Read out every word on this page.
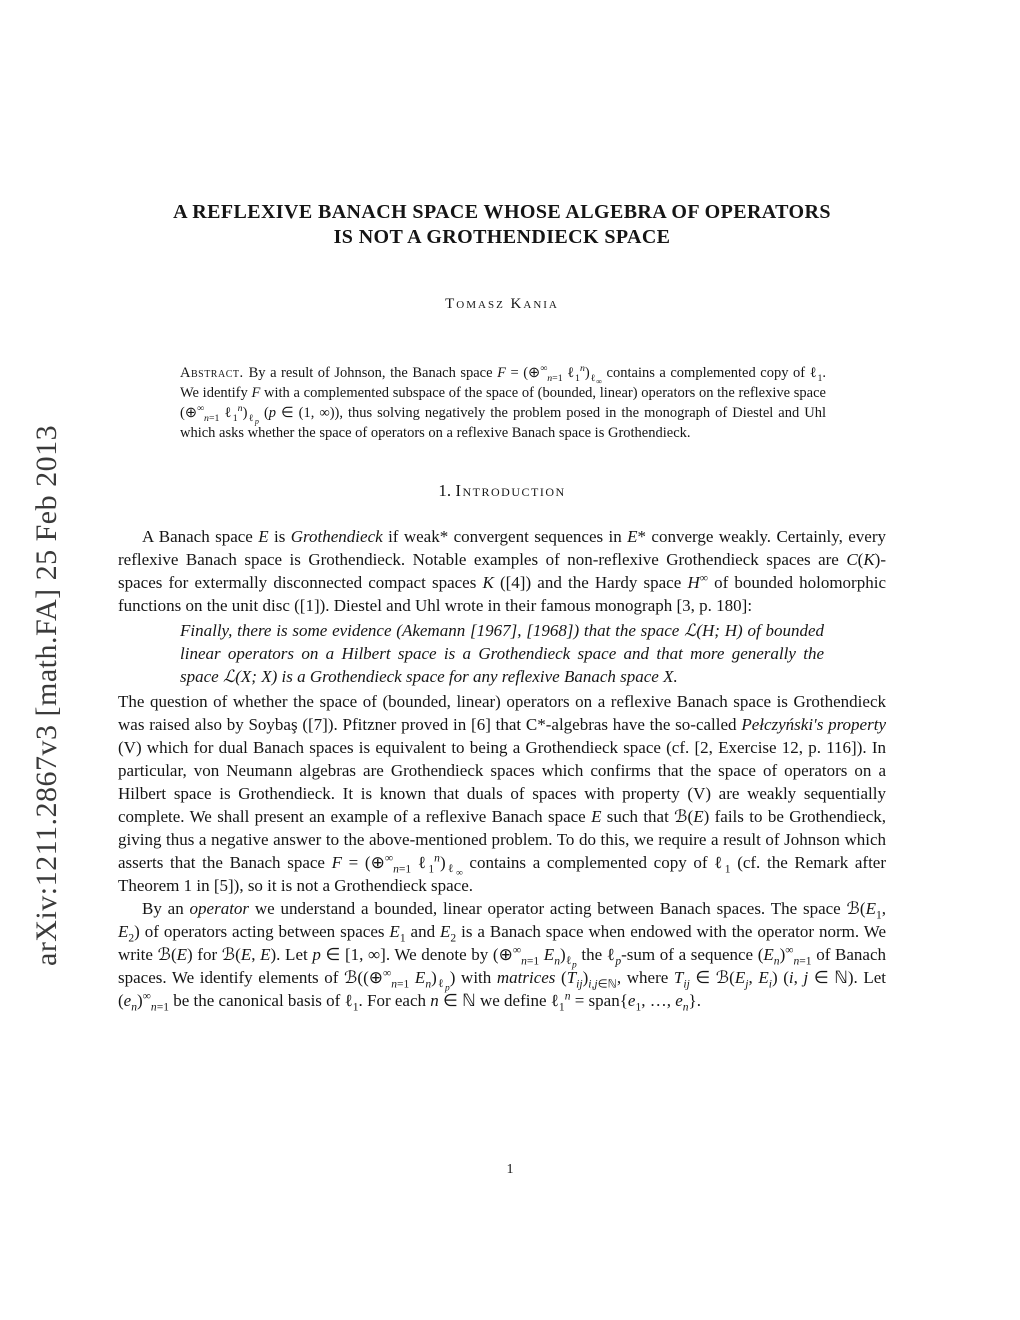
arXiv:1211.2867v3 [math.FA] 25 Feb 2013
A REFLEXIVE BANACH SPACE WHOSE ALGEBRA OF OPERATORS
IS NOT A GROTHENDIECK SPACE
Tomasz Kania
Abstract. By a result of Johnson, the Banach space $F = (\oplus^\infty_{n=1}$ $\ell_1^n)_{\ell_\infty}$ contains a complemented copy of ℓ$_1$. We identify F with a complemented subspace of the space of (bounded, linear) operators on the reflexive space ($\oplus^\infty_{n=1}$ $\ell_1^n)_{\ell_p}$ (p ∈ (1, ∞)), thus solving negatively the problem posed in the monograph of Diestel and Uhl which asks whether the space of operators on a reflexive Banach space is Grothendieck.
1. Introduction

A Banach space E is Grothendieck if weak* convergent sequences in E* converge weakly. Certainly, every reflexive Banach space is Grothendieck. Notable examples of non-reflexive Grothendieck spaces are C(K)-spaces for extermally disconnected compact spaces K ([4]) and the Hardy space H∞ of bounded holomorphic functions on the unit disc ([1]). Diestel and Uhl wrote in their famous monograph [3, p. 180]:

Finally, there is some evidence (Akemann [1967], [1968]) that the space ℒ(H; H) of bounded linear operators on a Hilbert space is a Grothendieck space and that more generally the space ℒ(X; X) is a Grothendieck space for any reflexive Banach space X.

The question of whether the space of (bounded, linear) operators on a reflexive Banach space is Grothendieck was raised also by Soybaş ([7]). Pfitzner proved in [6] that C*-algebras have the so-called Pełczyński's property (V) which for dual Banach spaces is equivalent to being a Grothendieck space (cf. [2, Exercise 12, p. 116]). In particular, von Neumann algebras are Grothendieck spaces which confirms that the space of operators on a Hilbert space is Grothendieck. It is known that duals of spaces with property (V) are weakly sequentially complete. We shall present an example of a reflexive Banach space E such that ℬ(E) fails to be Grothendieck, giving thus a negative answer to the above-mentioned problem. To do this, we require a result of Johnson which asserts that the Banach space $F = (\oplus^\infty_{n=1}$ $\ell_1^n)_{\ell_\infty}$ contains a complemented copy of ℓ$_1$ (cf. the Remark after Theorem 1 in [5]), so it is not a Grothendieck space.

By an operator we understand a bounded, linear operator acting between Banach spaces. The space $ℬ(E_1$, $E_2$) of operators acting between spaces $E_1$ and $E_2$ is a Banach space when endowed with the operator norm. We write ℬ(E) for ℬ(E, E). Let p ∈ [1, ∞]. We denote by ($\oplus^\infty_{n=1}$ $E_n)_{\ell_p}$ the ℓ$_p$-sum of a sequence $(E_n)^\infty_{n=1}$ of Banach spaces. We identify elements of $ℬ((\oplus^\infty_{n=1}$ $E_n)_{\ell_p}$) with matrices $(T_{ij})_{i,j\in ℕ}$, where $T_{ij}$ ∈ $ℬ(E_j$, $E_i$) (i, j ∈ ℕ). Let $(e_n)^\infty_{n=1}$ be the canonical basis of ℓ$_1$. For each n ∈ ℕ we define ℓ$_1^n$ = $span\{e_1$, …, $e_n$}.

1
